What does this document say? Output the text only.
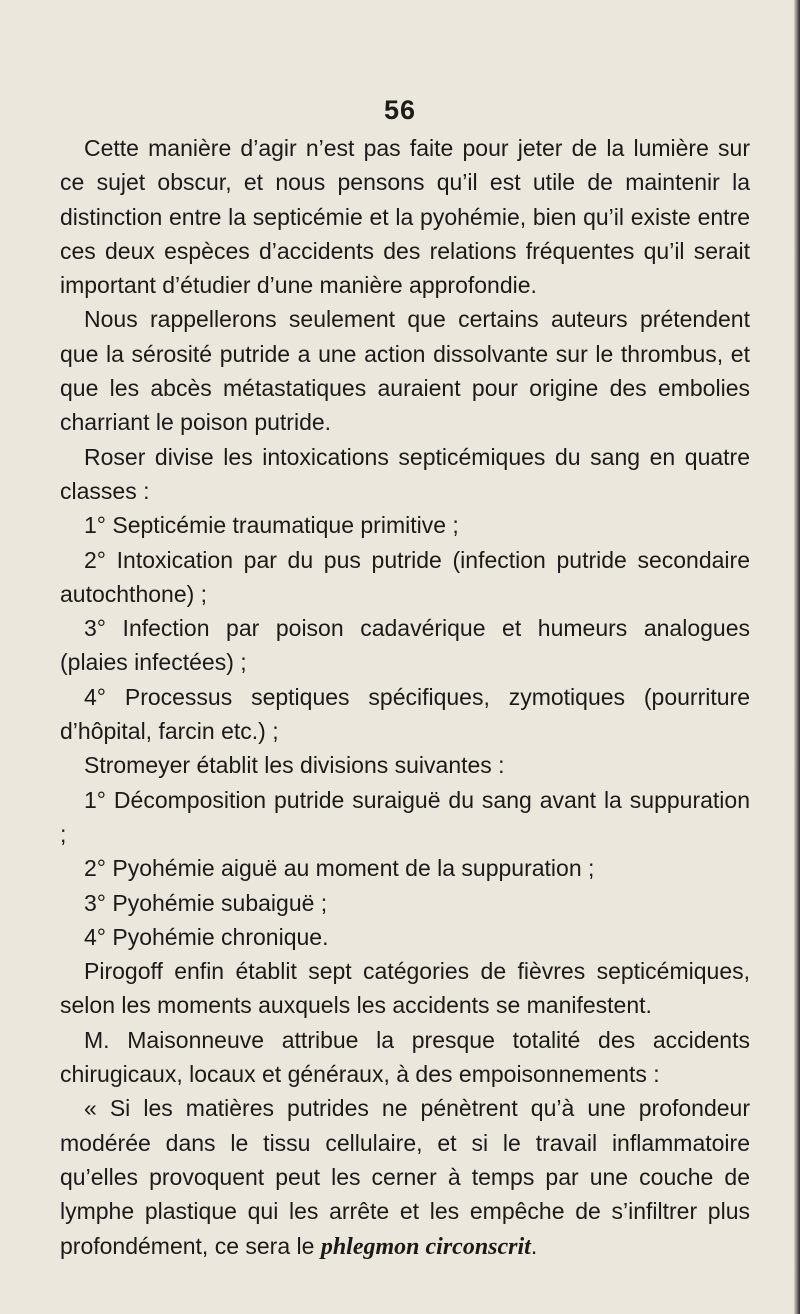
56

Cette manière d’agir n’est pas faite pour jeter de la lumière sur ce sujet obscur, et nous pensons qu’il est utile de maintenir la distinction entre la septicémie et la pyohémie, bien qu’il existe entre ces deux espèces d’accidents des relations fréquentes qu’il serait important d’étudier d’une manière approfondie.

Nous rappellerons seulement que certains auteurs prétendent que la sérosité putride a une action dissolvante sur le thrombus, et que les abcès métastatiques auraient pour origine des embolies charriant le poison putride.

Roser divise les intoxications septicémiques du sang en quatre classes :

1° Septicémie traumatique primitive ;

2° Intoxication par du pus putride (infection putride secondaire autochthone) ;

3° Infection par poison cadavérique et humeurs analogues (plaies infectées) ;

4° Processus septiques spécifiques, zymotiques (pourriture d’hôpital, farcin etc.) ;

Stromeyer établit les divisions suivantes :

1° Décomposition putride suraiguë du sang avant la suppuration ;

2° Pyohémie aiguë au moment de la suppuration ;

3° Pyohémie subaiguë ;

4° Pyohémie chronique.

Pirogoff enfin établit sept catégories de fièvres septicémiques, selon les moments auxquels les accidents se manifestent.

M. Maisonneuve attribue la presque totalité des accidents chirugicaux, locaux et généraux, à des empoisonnements :

« Si les matières putrides ne pénètrent qu’à une profondeur modérée dans le tissu cellulaire, et si le travail inflammatoire qu’elles provoquent peut les cerner à temps par une couche de lymphe plastique qui les arrête et les empêche de s’infiltrer plus profondément, ce sera le phlegmon circonscrit.
